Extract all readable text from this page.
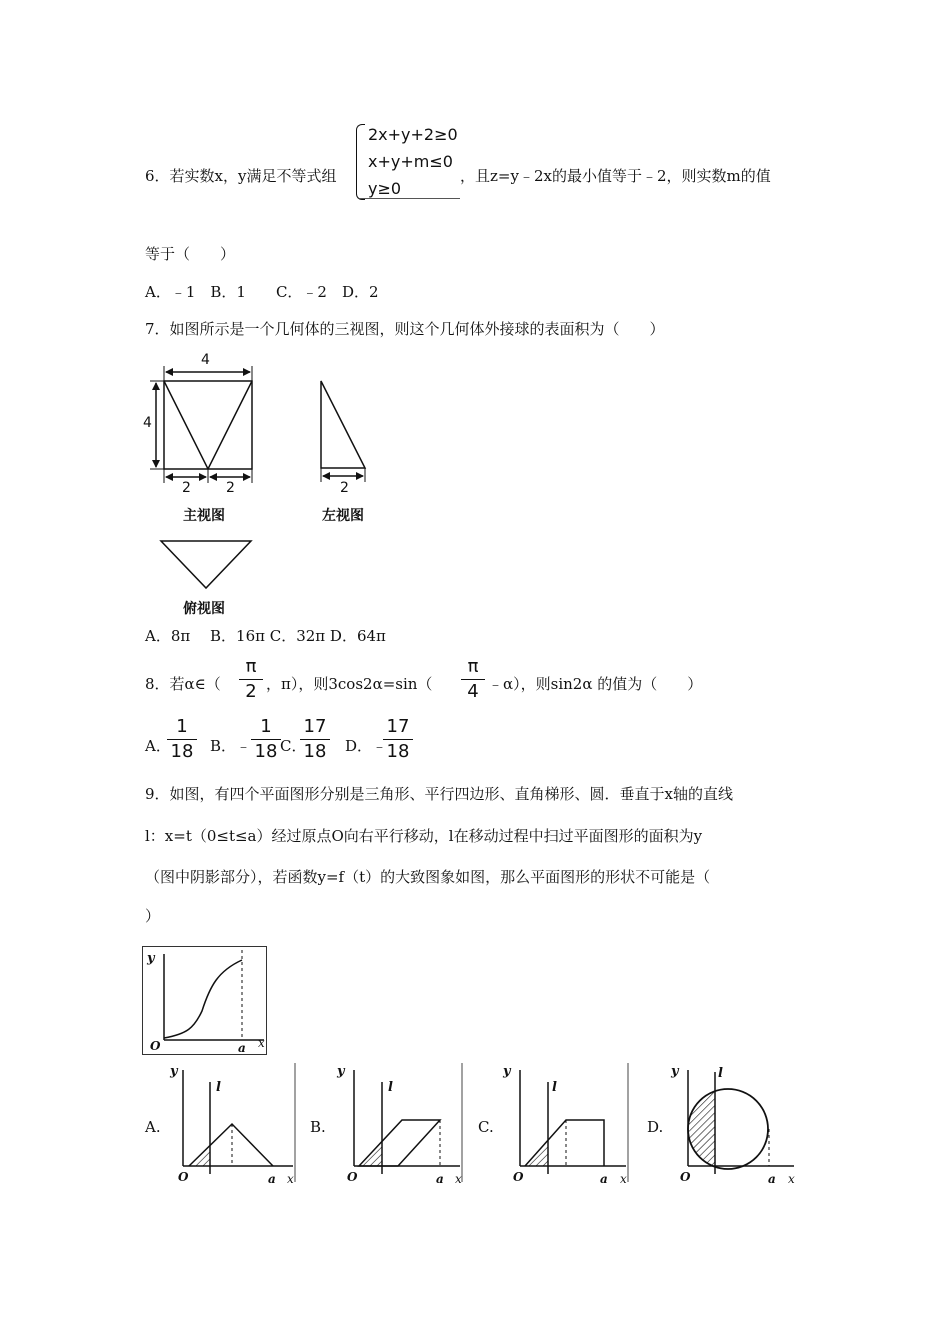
6．若实数x，y满足不等式组
2x+y+2≥0
x+y+m≤0
y≥0
，且z=y﹣2x的最小值等于﹣2，则实数m的值
等于（　　）
A．﹣1　B．1　　C．﹣2　D．2
7．如图所示是一个几何体的三视图，则这个几何体外接球的表面积为（　　）
4
4
2	2
主视图
2
左视图
俯视图
A．8π　 B．16π C．32π D．64π
8．若α∈（
π
2 ，π），则3cos2α=sin（
π
4 ﹣α），则sin2α 的值为（　　）
A．
1
18 B．﹣
1
18 C．
17
18 D．﹣
17
18
9．如图，有四个平面图形分别是三角形、平行四边形、直角梯形、圆．垂直于x轴的直线
l：x=t（0≤t≤a）经过原点O向右平行移动，l在移动过程中扫过平面图形的面积为y
（图中阴影部分），若函数y=f（t）的大致图象如图，那么平面图形的形状不可能是（
）
y
O	a x
A.
y
l
O	a x
B.
y
l
O	a x
C.
y
l
O	a x
D.
y	l
O	a x
